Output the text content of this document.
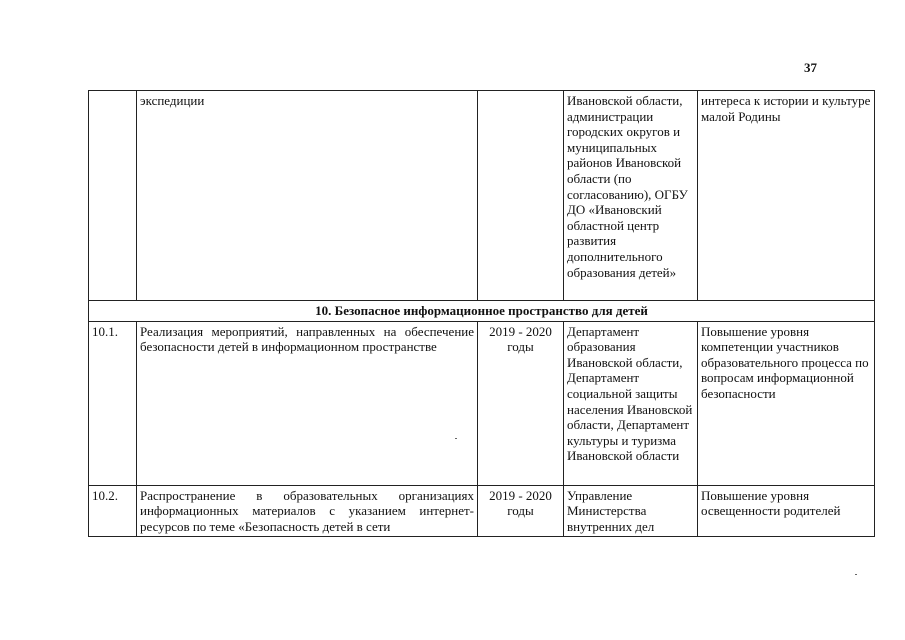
37
	экспедиции		Ивановской области, администрации городских округов и муниципальных районов Ивановской области (по согласованию), ОГБУ ДО «Ивановский областной центр развития дополнительного образования детей»	интереса к истории и культуре малой Родины
10. Безопасное информационное пространство для детей				
10.1.	Реализация мероприятий, направленных на обеспечение безопасности детей в информационном пространстве	2019 - 2020 годы	Департамент образования Ивановской области, Департамент социальной защиты населения Ивановской области, Департамент культуры и туризма Ивановской области	Повышение уровня компетенции участников образовательного процесса по вопросам информационной безопасности
10.2.	Распространение в образовательных организациях информационных материалов с указанием интернет-ресурсов по теме «Безопасность детей в сети	2019 - 2020 годы	Управление Министерства внутренних дел	Повышение уровня освещенности родителей
